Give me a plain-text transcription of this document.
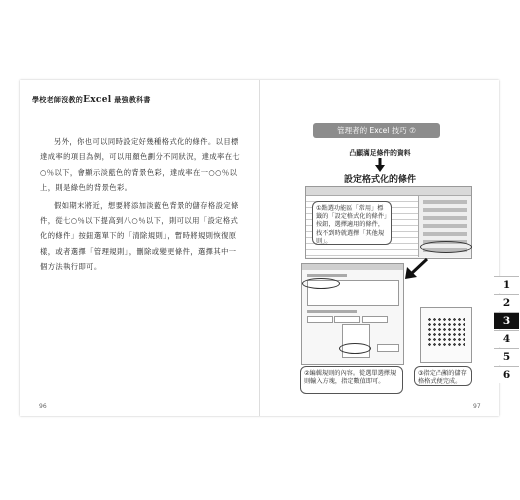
學校老師沒教的Excel 最強教科書

另外，你也可以同時設定好幾種格式化的條件。以目標達成率的項目為例，可以用顏色劃分不同狀況，達成率在七○％以下，會顯示淡藍色的背景色彩，達成率在一○○％以上，則是綠色的背景色彩。

假如期末將近，想要將添加淡藍色背景的儲存格設定條件，從七○％以下提高到八○％以下，則可以用「設定格式化的條件」按鈕選單下的「清除規則」，暫時將規則恢復原樣，或者選擇「管理規則」，刪除或變更條件，選擇其中一個方法執行即可。

96
管理者的 Excel 技巧 ⑦
凸顯滿足條件的資料
設定格式化的條件
①點選功能區「常用」標籤的「設定格式化的條件」按鈕，選擇適用的條件，找不到時就選擇「其他規則」。
②編輯規則的內容。從選單選擇規則輸入方塊，指定數值即可。
③指定凸顯的儲存格格式便完成。
97
1
2
3
4
5
6
